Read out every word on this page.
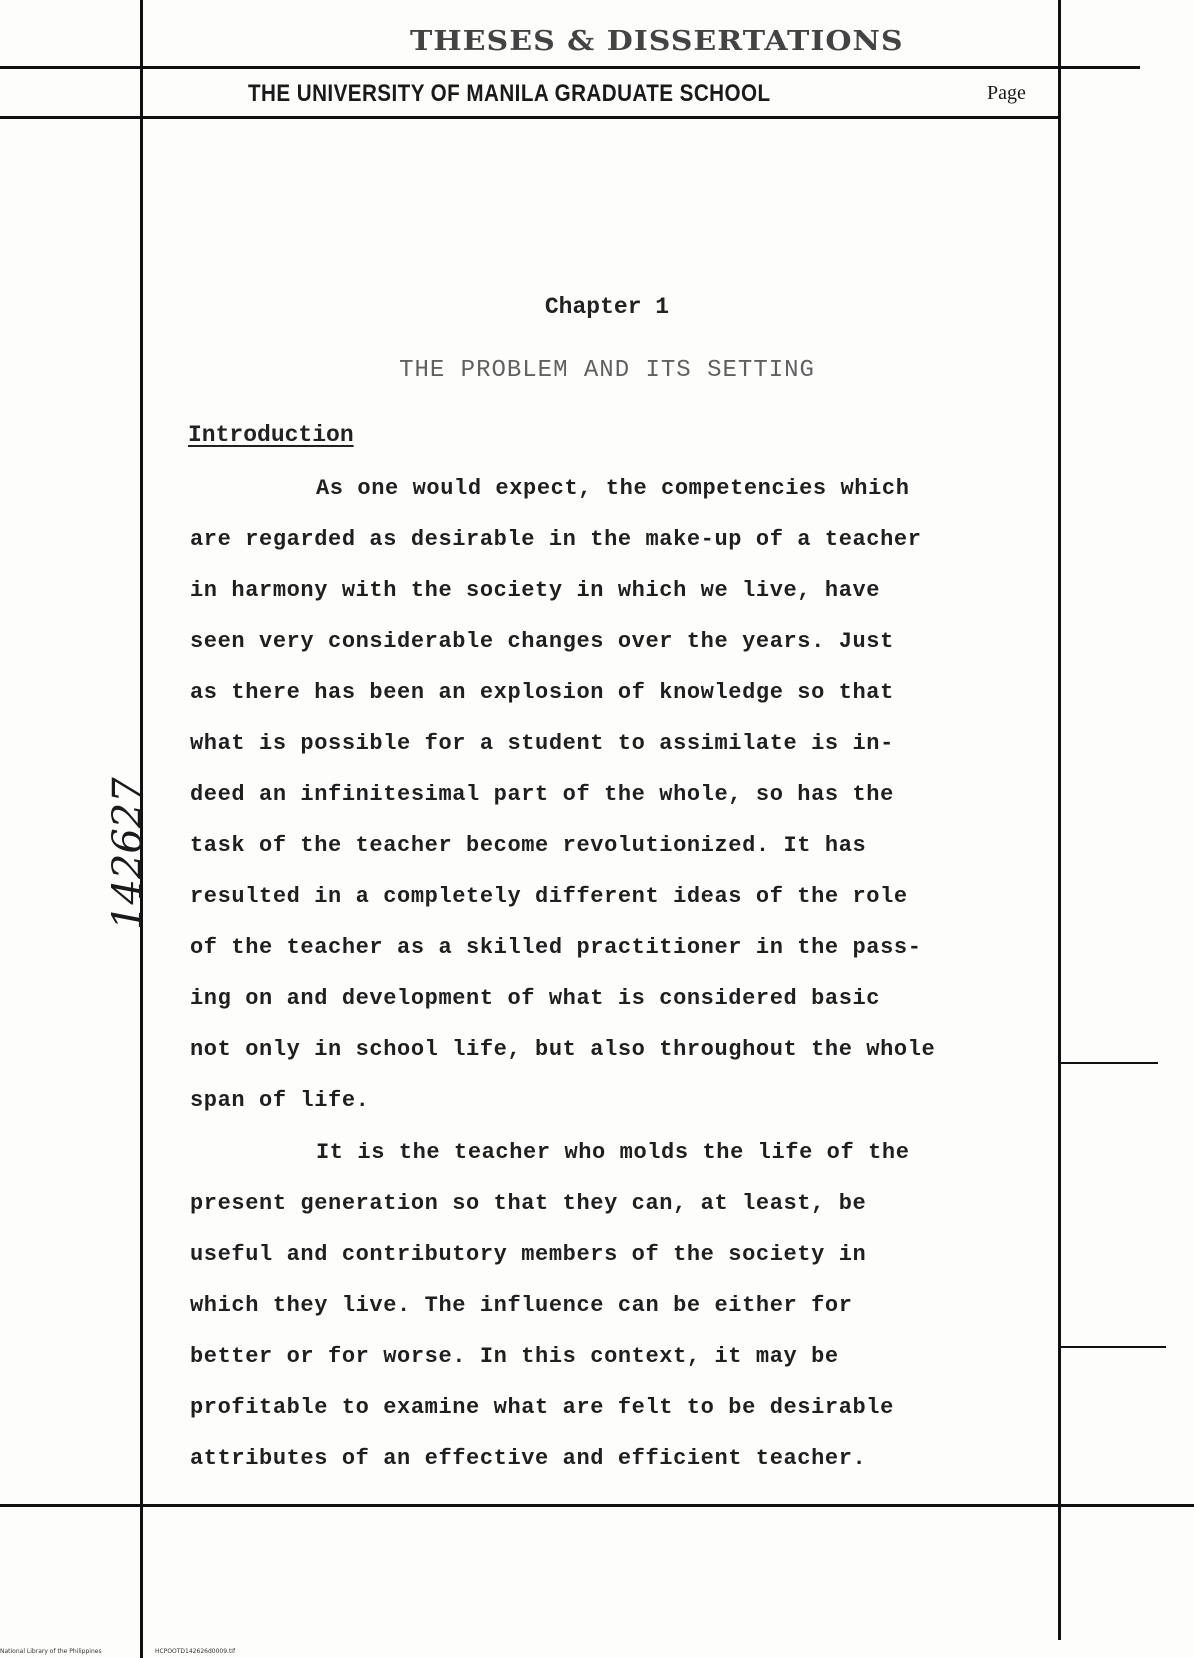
THESES & DISSERTATIONS
THE UNIVERSITY OF MANILA GRADUATE SCHOOL	Page
Chapter 1
THE PROBLEM AND ITS SETTING
Introduction
As one would expect, the competencies which
are regarded as desirable in the make-up of a teacher
in harmony with the society in which we live, have
seen very considerable changes over the years. Just
as there has been an explosion of knowledge so that
what is possible for a student to assimilate is in-
deed an infinitesimal part of the whole, so has the
task of the teacher become revolutionized. It has
resulted in a completely different ideas of the role
of the teacher as a skilled practitioner in the pass-
ing on and development of what is considered basic
not only in school life, but also throughout the whole
span of life.
It is the teacher who molds the life of the
present generation so that they can, at least, be
useful and contributory members of the society in
which they live. The influence can be either for
better or for worse. In this context, it may be
profitable to examine what are felt to be desirable
attributes of an effective and efficient teacher.
142627
National Library of the Philippines	HCPOOTD142626d0009.tif
